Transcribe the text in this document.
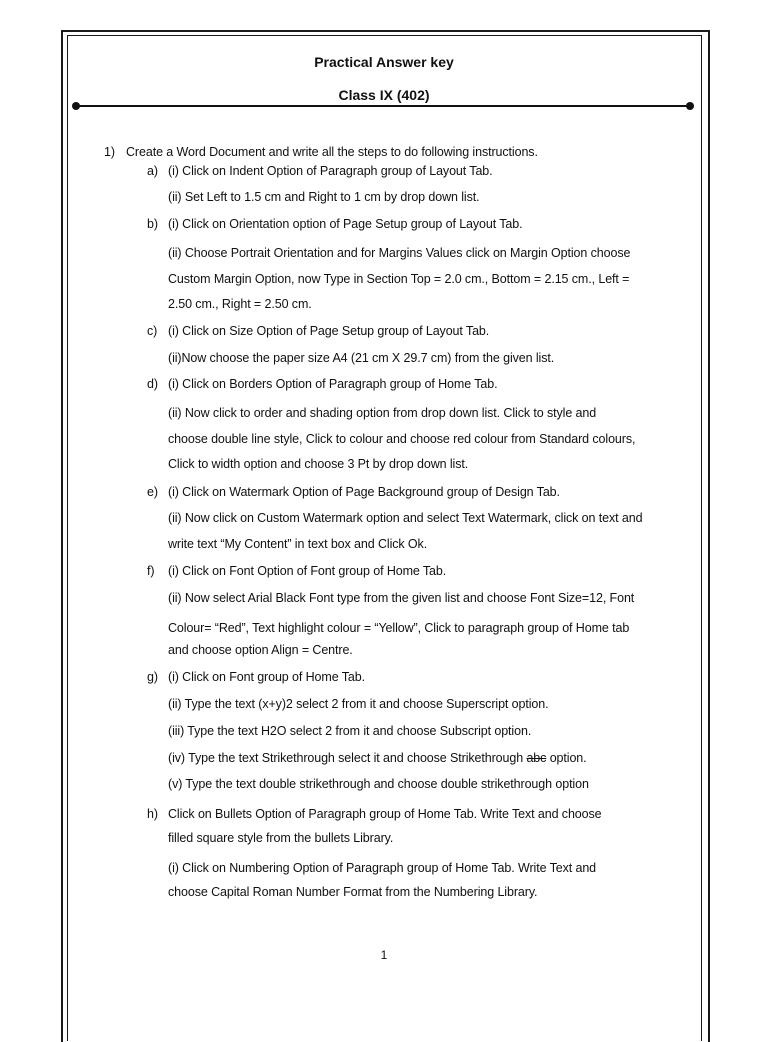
Practical Answer key
Class IX (402)
1) Create a Word Document and write all the steps to do following instructions.
a) (i) Click on Indent Option of Paragraph group of Layout Tab.
(ii) Set Left to 1.5 cm and Right to 1 cm by drop down list.
b) (i) Click on Orientation option of Page Setup group of Layout Tab.
(ii) Choose Portrait Orientation and for Margins Values click on Margin Option choose
Custom Margin Option, now Type in Section Top = 2.0 cm., Bottom = 2.15 cm., Left =
2.50 cm., Right = 2.50 cm.
c) (i) Click on Size Option of Page Setup group of Layout Tab.
(ii)Now choose the paper size A4 (21 cm X 29.7 cm) from the given list.
d) (i) Click on Borders Option of Paragraph group of Home Tab.
(ii) Now click to order and shading option from drop down list. Click to style and
choose double line style, Click to colour and choose red colour from Standard colours,
Click to width option and choose 3 Pt by drop down list.
e) (i) Click on Watermark Option of Page Background group of Design Tab.
(ii) Now click on Custom Watermark option and select Text Watermark, click on text and
write text “My Content” in text box and Click Ok.
f) (i) Click on Font Option of Font group of Home Tab.
(ii) Now select Arial Black Font type from the given list and choose Font Size=12, Font
Colour= “Red”, Text highlight colour = “Yellow”, Click to paragraph group of Home tab
and choose option Align = Centre.
g) (i) Click on Font group of Home Tab.
(ii) Type the text (x+y)2 select 2 from it and choose Superscript option.
(iii) Type the text H2O select 2 from it and choose Subscript option.
(iv) Type the text Strikethrough select it and choose Strikethrough abc option.
(v) Type the text double strikethrough and choose double strikethrough option
h) Click on Bullets Option of Paragraph group of Home Tab. Write Text and choose
filled square style from the bullets Library.
(i) Click on Numbering Option of Paragraph group of Home Tab. Write Text and
choose Capital Roman Number Format from the Numbering Library.
1
